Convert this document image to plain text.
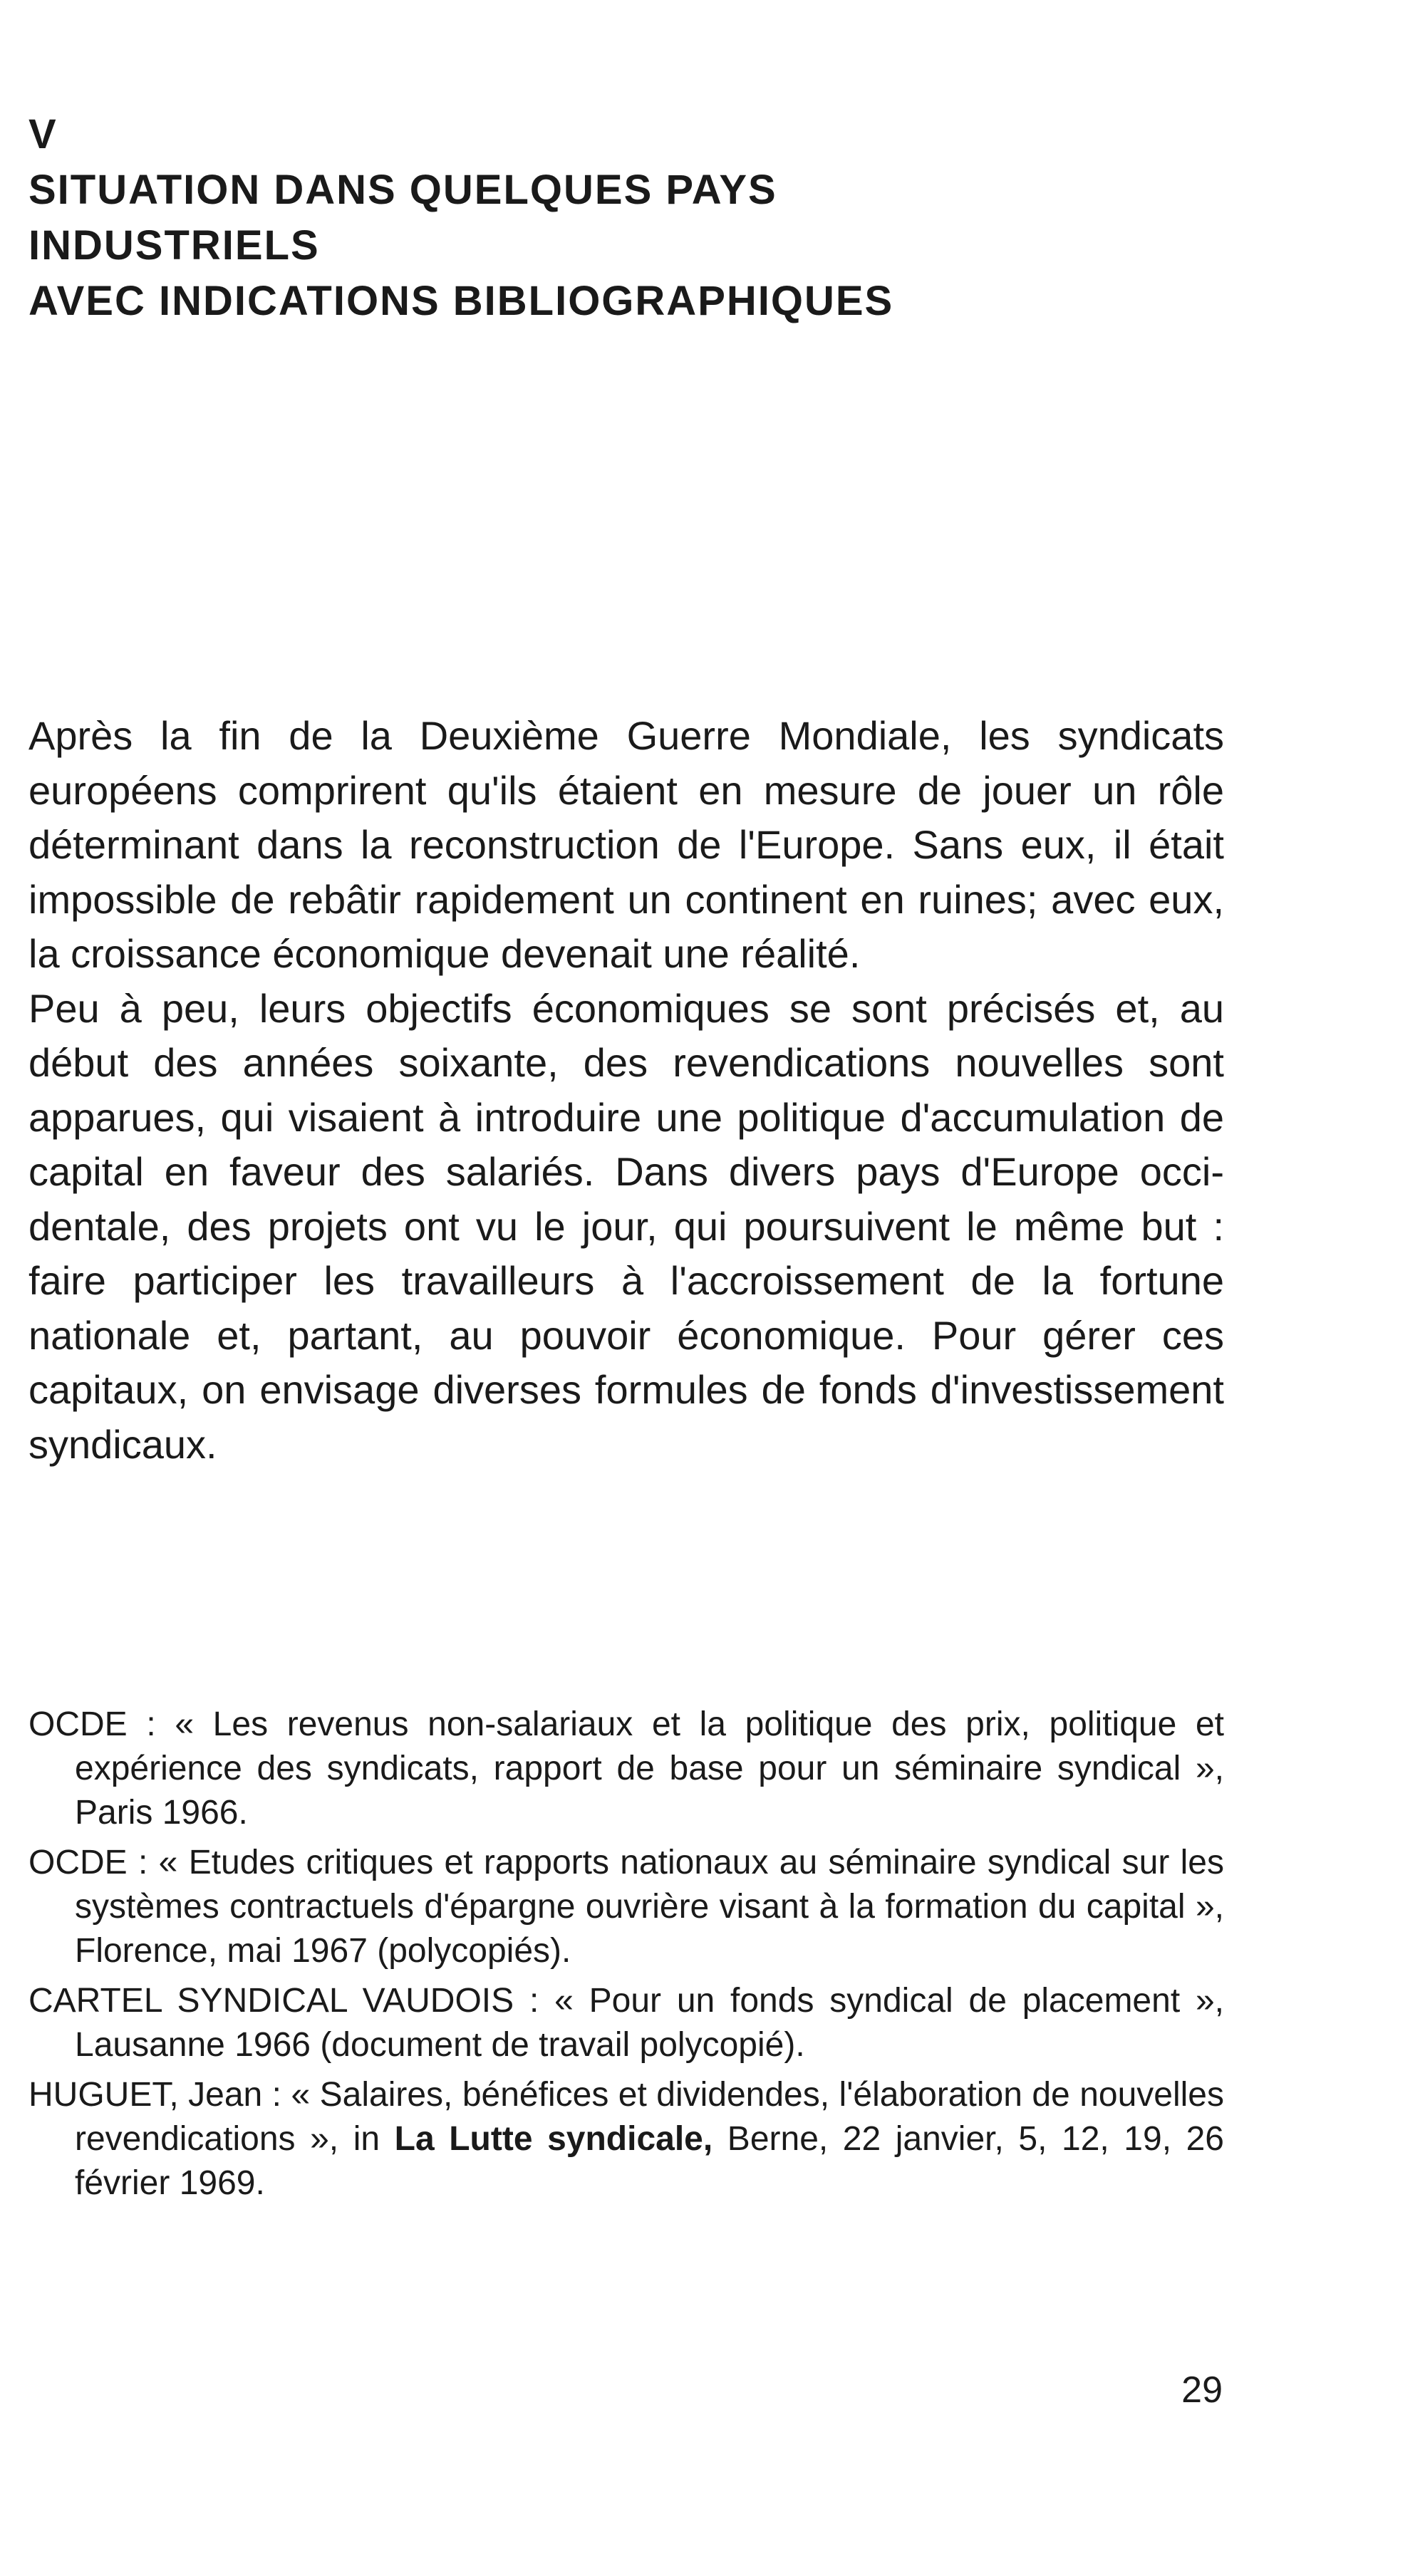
V
SITUATION DANS QUELQUES PAYS
INDUSTRIELS
AVEC INDICATIONS BIBLIOGRAPHIQUES

Après la fin de la Deuxième Guerre Mondiale, les syndicats européens comprirent qu'ils étaient en mesure de jouer un rôle déterminant dans la reconstruction de l'Europe. Sans eux, il était impossible de rebâtir rapidement un continent en ruines; avec eux, la croissance économique devenait une réalité.

Peu à peu, leurs objectifs économiques se sont précisés et, au début des années soixante, des revendications nouvelles sont apparues, qui visaient à introduire une politique d'accumulation de capital en faveur des salariés. Dans divers pays d'Europe occidentale, des projets ont vu le jour, qui poursuivent le même but : faire participer les travailleurs à l'accroissement de la fortune nationale et, partant, au pouvoir économique. Pour gérer ces capitaux, on envisage diverses formules de fonds d'investissement syndicaux.

OCDE : « Les revenus non-salariaux et la politique des prix, politique et expérience des syndicats, rapport de base pour un séminaire syndical », Paris 1966.

OCDE : « Etudes critiques et rapports nationaux au séminaire syndical sur les systèmes contractuels d'épargne ouvrière visant à la formation du capital », Florence, mai 1967 (polycopiés).

CARTEL SYNDICAL VAUDOIS : « Pour un fonds syndical de placement », Lausanne 1966 (document de travail polycopié).

HUGUET, Jean : « Salaires, bénéfices et dividendes, l'élaboration de nouvelles revendications », in La Lutte syndicale, Berne, 22 janvier, 5, 12, 19, 26 février 1969.

29
